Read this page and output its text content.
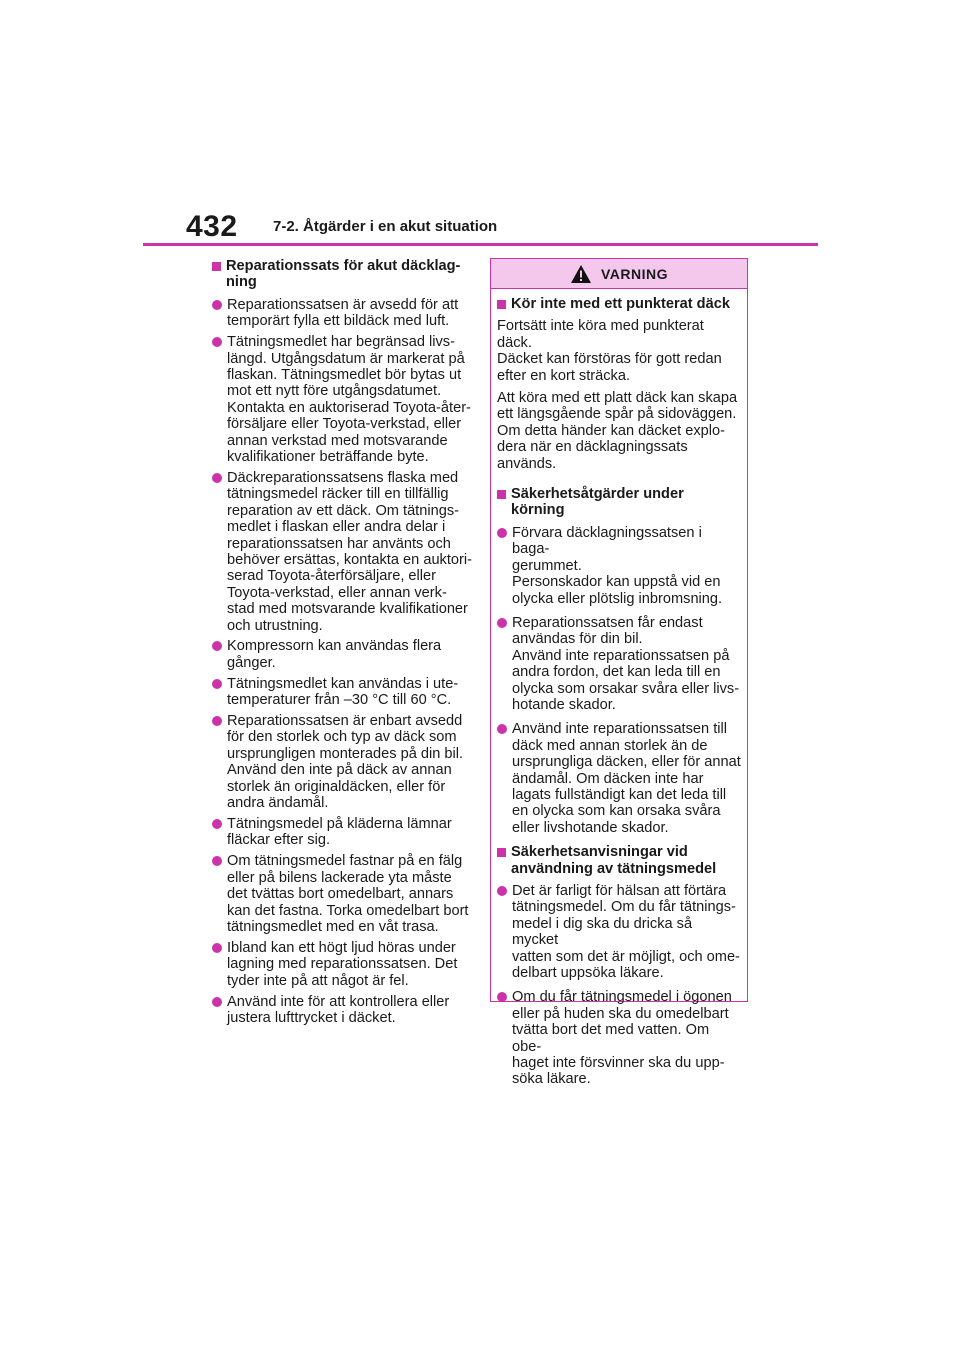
432 7-2. Åtgärder i en akut situation
Reparationssats för akut däcklag-
ning
Reparationssatsen är avsedd för att
temporärt fylla ett bildäck med luft.
Tätningsmedlet har begränsad livs-
längd. Utgångsdatum är markerat på
flaskan. Tätningsmedlet bör bytas ut
mot ett nytt före utgångsdatumet.
Kontakta en auktoriserad Toyota-åter-
försäljare eller Toyota-verkstad, eller
annan verkstad med motsvarande
kvalifikationer beträffande byte.
Däckreparationssatsens flaska med
tätningsmedel räcker till en tillfällig
reparation av ett däck. Om tätnings-
medlet i flaskan eller andra delar i
reparationssatsen har använts och
behöver ersättas, kontakta en auktori-
serad Toyota-återförsäljare, eller
Toyota-verkstad, eller annan verk-
stad med motsvarande kvalifikationer
och utrustning.
Kompressorn kan användas flera
gånger.
Tätningsmedlet kan användas i ute-
temperaturer från –30 °C till 60 °C.
Reparationssatsen är enbart avsedd
för den storlek och typ av däck som
ursprungligen monterades på din bil.
Använd den inte på däck av annan
storlek än originaldäcken, eller för
andra ändamål.
Tätningsmedel på kläderna lämnar
fläckar efter sig.
Om tätningsmedel fastnar på en fälg
eller på bilens lackerade yta måste
det tvättas bort omedelbart, annars
kan det fastna. Torka omedelbart bort
tätningsmedlet med en våt trasa.
Ibland kan ett högt ljud höras under
lagning med reparationssatsen. Det
tyder inte på att något är fel.
Använd inte för att kontrollera eller
justera lufttrycket i däcket.
VARNING
Kör inte med ett punkterat däck
Fortsätt inte köra med punkterat däck.
Däcket kan förstöras för gott redan
efter en kort sträcka.
Att köra med ett platt däck kan skapa
ett längsgående spår på sidoväggen.
Om detta händer kan däcket explo-
dera när en däcklagningssats
används.
Säkerhetsåtgärder under körning
Förvara däcklagningssatsen i baga-
gerummet.
Personskador kan uppstå vid en
olycka eller plötslig inbromsning.
Reparationssatsen får endast
användas för din bil.
Använd inte reparationssatsen på
andra fordon, det kan leda till en
olycka som orsakar svåra eller livs-
hotande skador.
Använd inte reparationssatsen till
däck med annan storlek än de
ursprungliga däcken, eller för annat
ändamål. Om däcken inte har
lagats fullständigt kan det leda till
en olycka som kan orsaka svåra
eller livshotande skador.
Säkerhetsanvisningar vid
användning av tätningsmedel
Det är farligt för hälsan att förtära
tätningsmedel. Om du får tätnings-
medel i dig ska du dricka så mycket
vatten som det är möjligt, och ome-
delbart uppsöka läkare.
Om du får tätningsmedel i ögonen
eller på huden ska du omedelbart
tvätta bort det med vatten. Om obe-
haget inte försvinner ska du upp-
söka läkare.
